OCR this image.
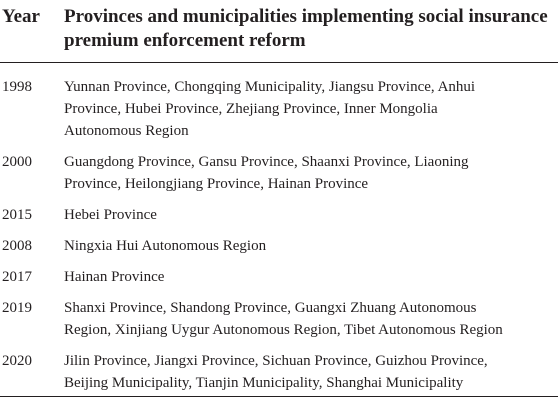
Year Provinces and municipalities implementing social insurance premium enforcement reform
1998 Yunnan Province, Chongqing Municipality, Jiangsu Province, Anhui
Province, Hubei Province, Zhejiang Province, Inner Mongolia
Autonomous Region
2000 Guangdong Province, Gansu Province, Shaanxi Province, Liaoning
Province, Heilongjiang Province, Hainan Province
2015 Hebei Province
2008 Ningxia Hui Autonomous Region
2017 Hainan Province
2019 Shanxi Province, Shandong Province, Guangxi Zhuang Autonomous
Region, Xinjiang Uygur Autonomous Region, Tibet Autonomous Region
2020 Jilin Province, Jiangxi Province, Sichuan Province, Guizhou Province,
Beijing Municipality, Tianjin Municipality, Shanghai Municipality
